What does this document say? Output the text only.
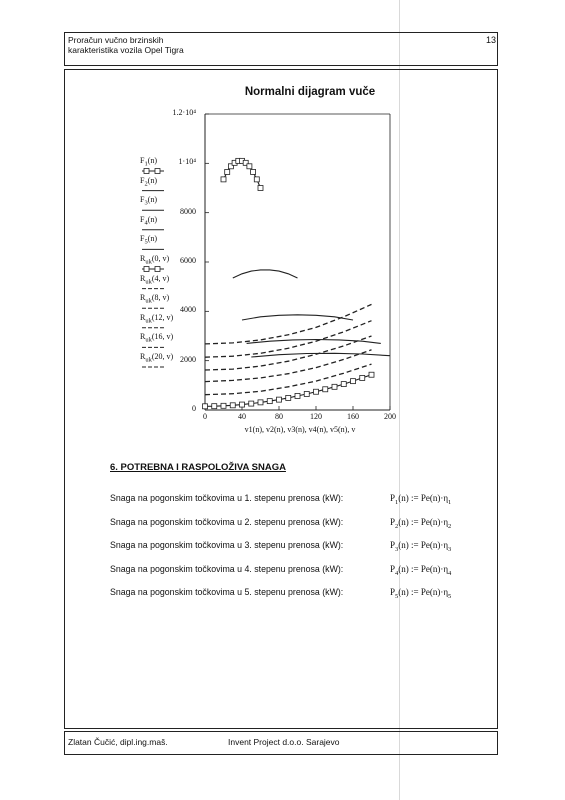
Proračun vučno brzinskih
karakteristika vozila Opel Tigra
13
Normalni dijagram vuče
$F_1(n)$
$F_2(n)$
$F_3(n)$
$F_4(n)$
$F_5(n)$
$R_{uk}(0$, v)
$R_{uk}(4$, v)
$R_{uk}(8$, v)
$R_{uk}(12$, v)
$R_{uk}(16$, v)
$R_{uk}(20$, v)
0
2000
4000
6000
8000
1·10⁴
1.2·10⁴
0	40	80	120	160	200
v1(n), v2(n), v3(n), v4(n), v5(n), v
6. POTREBNA I RASPOLOŽIVA SNAGA
Snaga na pogonskim točkovima u 1. stepenu prenosa (kW):	$P_1(n)$ := $Pe(n)\cdot\eta_1$
Snaga na pogonskim točkovima u 2. stepenu prenosa (kW):	$P_2(n)$ := $Pe(n)\cdot\eta_2$
Snaga na pogonskim točkovima u 3. stepenu prenosa (kW):	$P_3(n)$ := $Pe(n)\cdot\eta_3$
Snaga na pogonskim točkovima u 4. stepenu prenosa (kW):	$P_4(n)$ := $Pe(n)\cdot\eta_4$
Snaga na pogonskim točkovima u 5. stepenu prenosa (kW):	$P_5(n)$ := $Pe(n)\cdot\eta_5$
Zlatan Čučić, dipl.ing.maš.	Invent Project d.o.o. Sarajevo
